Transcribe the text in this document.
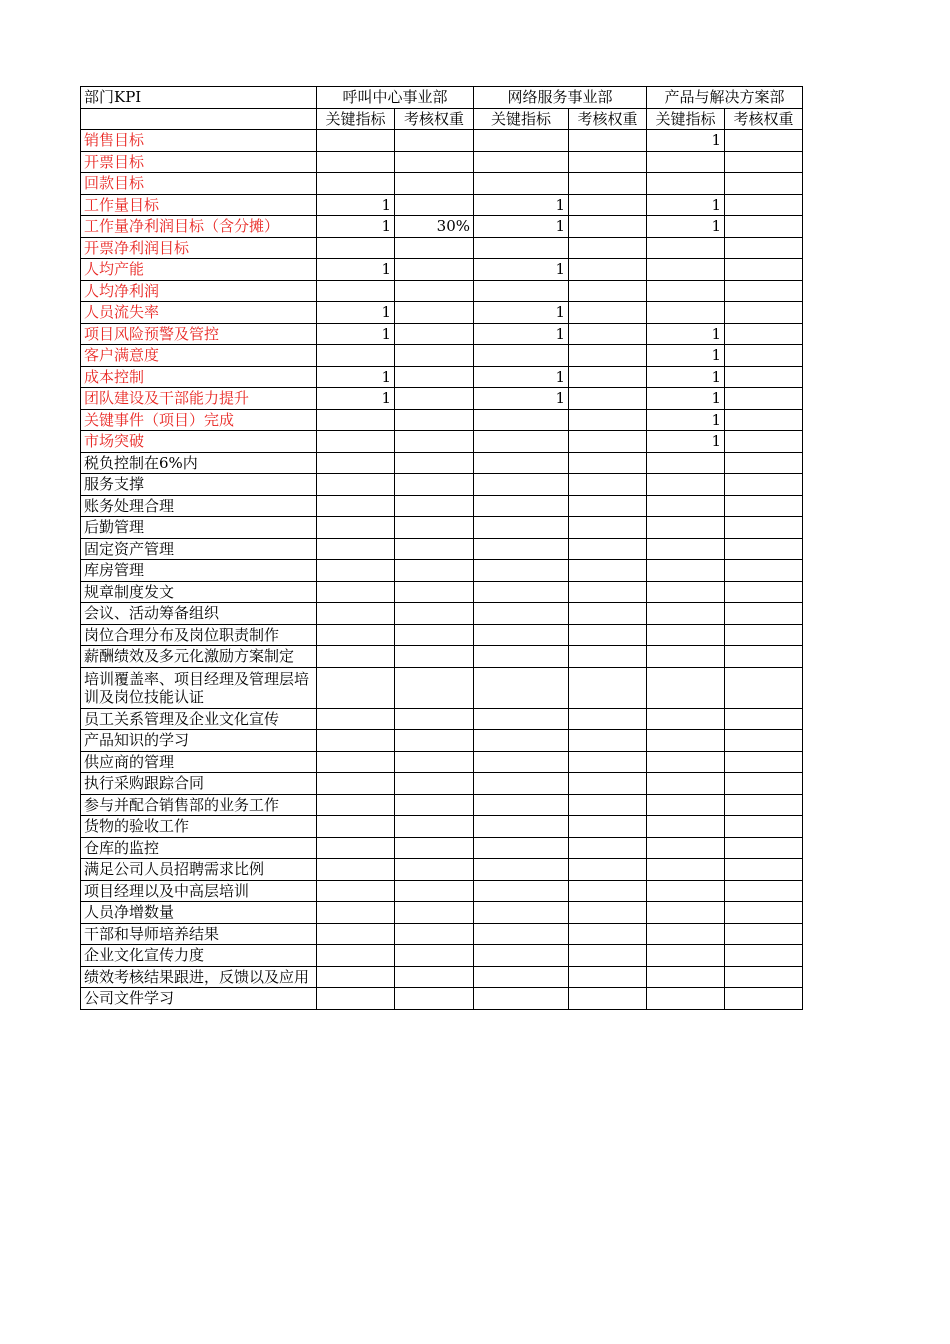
部门KPI	呼叫中心事业部		网络服务事业部		产品与解决方案部	
	关键指标	考核权重	关键指标	考核权重	关键指标	考核权重
销售目标					1	
开票目标						
回款目标						
工作量目标	1		1		1	
工作量净利润目标（含分摊）	1	30%	1		1	
开票净利润目标						
人均产能	1		1			
人均净利润						
人员流失率	1		1			
项目风险预警及管控	1		1		1	
客户满意度					1	
成本控制	1		1		1	
团队建设及干部能力提升	1		1		1	
关键事件（项目）完成					1	
市场突破					1	
税负控制在6%内						
服务支撑						
账务处理合理						
后勤管理						
固定资产管理						
库房管理						
规章制度发文						
会议、活动筹备组织						
岗位合理分布及岗位职责制作						
薪酬绩效及多元化激励方案制定						
培训覆盖率、项目经理及管理层培训及岗位技能认证						
员工关系管理及企业文化宣传						
产品知识的学习						
供应商的管理						
执行采购跟踪合同						
参与并配合销售部的业务工作						
货物的验收工作						
仓库的监控						
满足公司人员招聘需求比例						
项目经理以及中高层培训						
人员净增数量						
干部和导师培养结果						
企业文化宣传力度						
绩效考核结果跟进，反馈以及应用						
公司文件学习						
